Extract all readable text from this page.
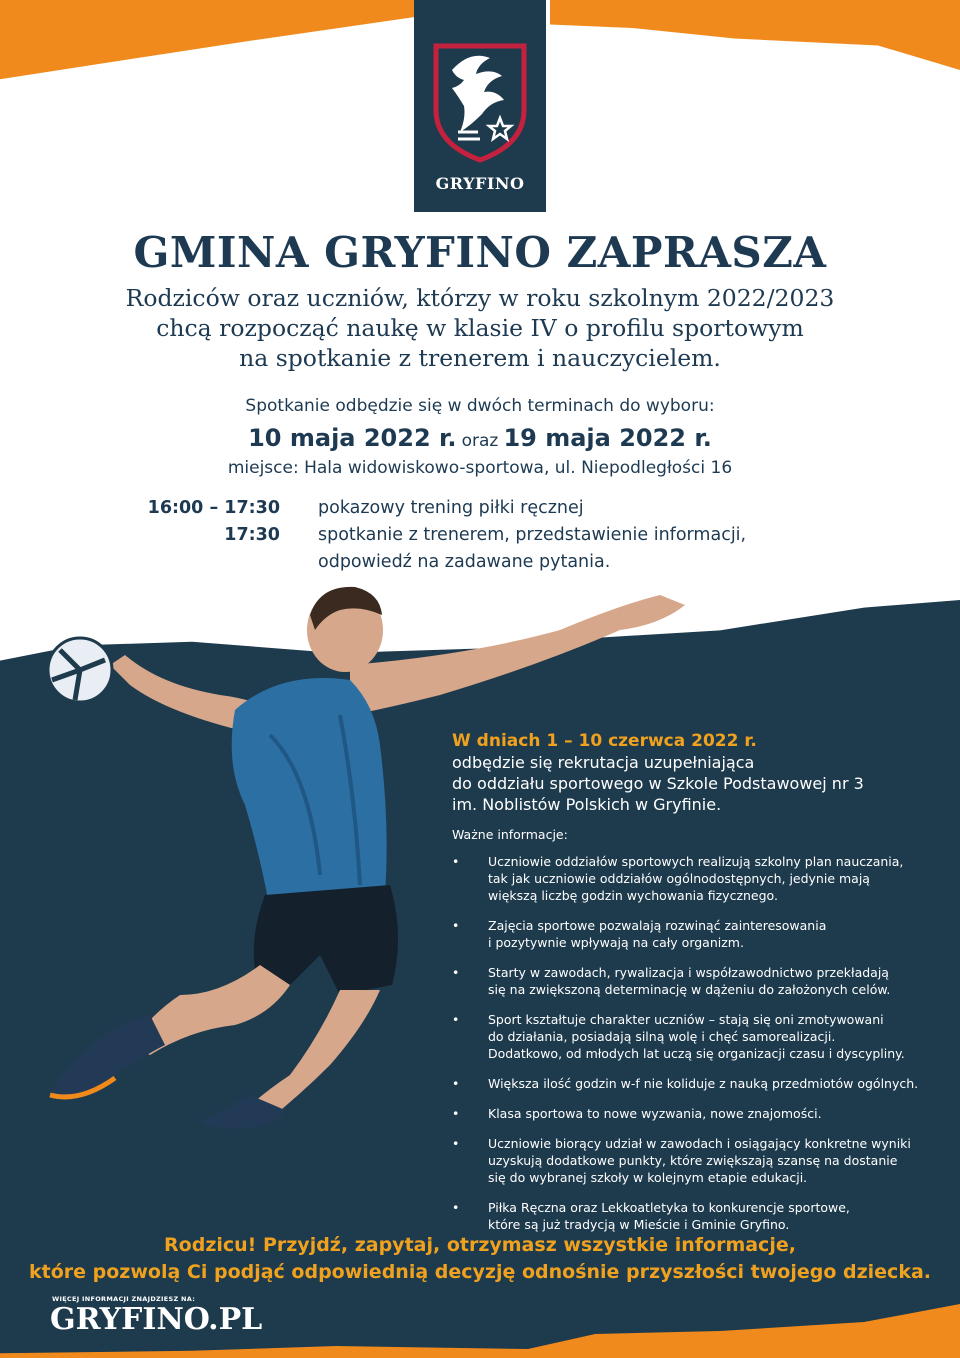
GRYFINO
GMINA GRYFINO ZAPRASZA
Rodziców oraz uczniów, którzy w roku szkolnym 2022/2023
chcą rozpocząć naukę w klasie IV o profilu sportowym
na spotkanie z trenerem i nauczycielem.
Spotkanie odbędzie się w dwóch terminach do wyboru:
10 maja 2022 r. oraz 19 maja 2022 r.
miejsce: Hala widowiskowo-sportowa, ul. Niepodległości 16
16:00 – 17:30 pokazowy trening piłki ręcznej
17:30 spotkanie z trenerem, przedstawienie informacji,
odpowiedź na zadawane pytania.
W dniach 1 – 10 czerwca 2022 r.
odbędzie się rekrutacja uzupełniająca
do oddziału sportowego w Szkole Podstawowej nr 3
im. Noblistów Polskich w Gryfinie.
Ważne informacje:
• Uczniowie oddziałów sportowych realizują szkolny plan nauczania,
tak jak uczniowie oddziałów ogólnodostępnych, jedynie mają
większą liczbę godzin wychowania fizycznego.
• Zajęcia sportowe pozwalają rozwinąć zainteresowania
i pozytywnie wpływają na cały organizm.
• Starty w zawodach, rywalizacja i współzawodnictwo przekładają
się na zwiększoną determinację w dążeniu do założonych celów.
• Sport kształtuje charakter uczniów – stają się oni zmotywowani
do działania, posiadają silną wolę i chęć samorealizacji.
Dodatkowo, od młodych lat uczą się organizacji czasu i dyscypliny.
• Większa ilość godzin w-f nie koliduje z nauką przedmiotów ogólnych.
• Klasa sportowa to nowe wyzwania, nowe znajomości.
• Uczniowie biorący udział w zawodach i osiągający konkretne wyniki
uzyskują dodatkowe punkty, które zwiększają szansę na dostanie
się do wybranej szkoły w kolejnym etapie edukacji.
• Piłka Ręczna oraz Lekkoatletyka to konkurencje sportowe,
które są już tradycją w Mieście i Gminie Gryfino.
Rodzicu! Przyjdź, zapytaj, otrzymasz wszystkie informacje,
które pozwolą Ci podjąć odpowiednią decyzję odnośnie przyszłości twojego dziecka.
WIĘCEJ INFORMACJI ZNAJDZIESZ NA:
GRYFINO.PL
